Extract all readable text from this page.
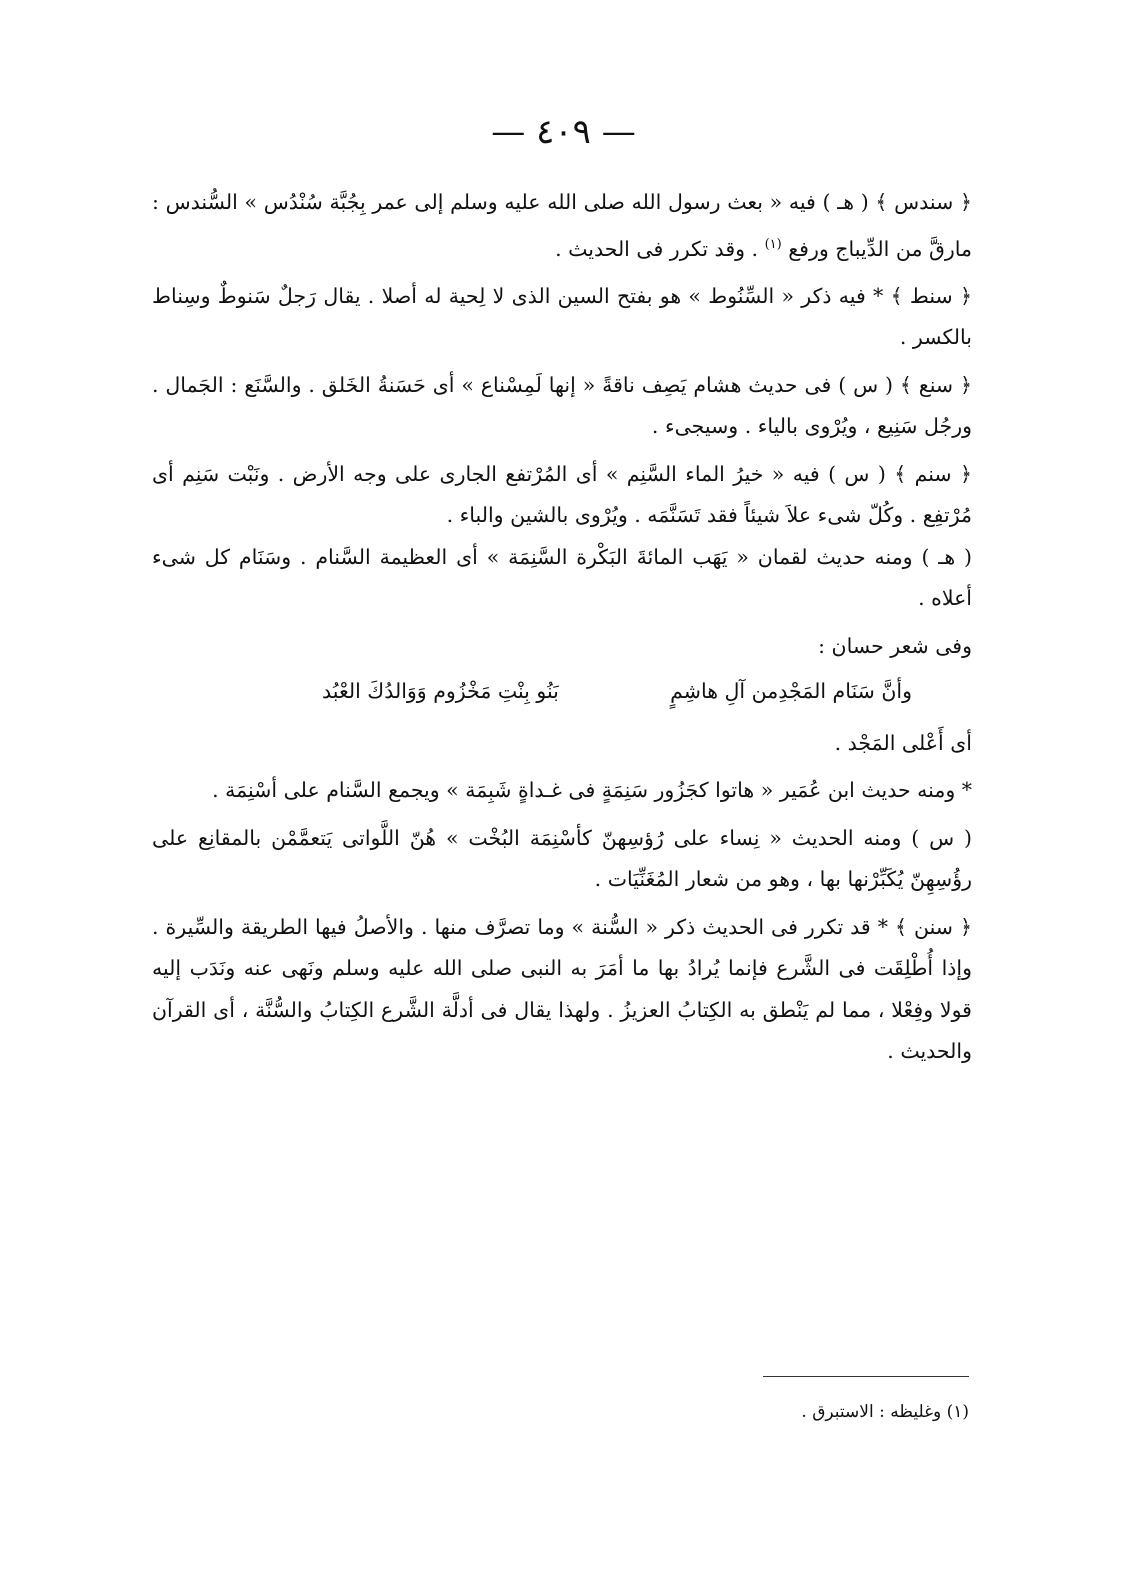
— ٤٠٩ —

﴿ سندس ﴾ ( هـ ) فيه « بعث رسول الله صلى الله عليه وسلم إلى عمر بِجُبَّة سُنْدُس » السُّندس : مارقَّ من الدِّيباج ورفع $^{(١)}$ . وقد تكرر فى الحديث .

﴿ سنط ﴾ * فيه ذكر « السِّنُوط » هو بفتح السين الذى لا لِحية له أصلا . يقال رَجلٌ سَنوطٌ وسِناط بالكسر .

﴿ سنع ﴾ ( س ) فى حديث هشام يَصِف ناقةً « إنها لَمِسْناع » أى حَسَنةُ الخَلق . والسَّنَع : الجَمال . ورجُل سَنِيع ، ويُرْوى بالياء . وسيجىء .

﴿ سنم ﴾ ( س ) فيه « خيرُ الماء السَّنِم » أى المُرْتفع الجارى على وجه الأرض . ونَبْت سَنِم أى مُرْتفِع . وكُلّ شىء علاَ شيئاً فقد تَسَنَّمَه . ويُرْوى بالشين والباء .

( هـ ) ومنه حديث لقمان « يَهَب المائةَ البَكْرة السَّنِمَة » أى العظيمة السَّنام . وسَنَام كل شىء أعلاه .

وفى شعر حسان :

وأنَّ سَنَام المَجْدِمن آلِ هاشِمٍ
بَنُو بِنْتِ مَخْزُوم وَوَالدُكَ العْبُد

أى أَعْلى المَجْد .

* ومنه حديث ابن عُمَير « هاتوا كجَزُور سَنِمَةٍ فى غـداةٍ شَبِمَة » ويجمع السَّنام على أسْنِمَة .

( س ) ومنه الحديث « نِساء على رُؤسِهنّ كأسْنِمَة البُخْت » هُنّ اللَّواتى يَتعمَّمْن بالمقانِع على رؤُسِهِنّ يُكَبِّرْنها بها ، وهو من شعار المُغَنِّيَات .

﴿ سنن ﴾ * قد تكرر فى الحديث ذكر « السُّنة » وما تصرَّف منها . والأصلُ فيها الطريقة والسِّيرة . وإذا أُطْلِقَت فى الشَّرع فإنما يُرادُ بها ما أمَرَ به النبى صلى الله عليه وسلم ونَهى عنه ونَدَب إليه قولا وفِعْلا ، مما لم يَنْطق به الكِتابُ العزيزُ . ولهذا يقال فى أدلَّة الشَّرع الكِتابُ والسُّنَّة ، أى القرآن والحديث .

(١) وغليظه : الاستبرق .
